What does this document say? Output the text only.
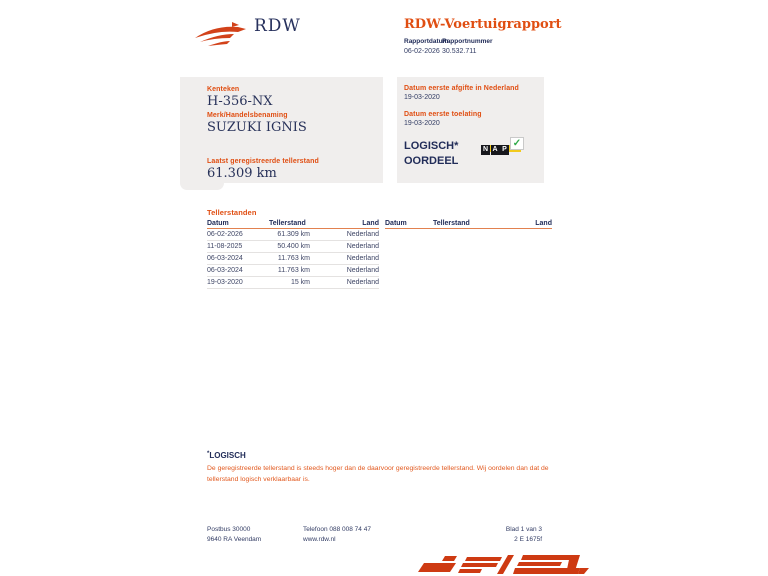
RDW	RDW-Voertuigrapport
Rapportdatum
Rapportnummer
06-02-2026 30.532.711
Kenteken
H-356-NX
Merk/Handelsbenaming
SUZUKI IGNIS
Laatst geregistreerde tellerstand
61.309 km
Datum eerste afgifte in Nederland
19-03-2020
Datum eerste toelating
19-03-2020
LOGISCH*
OORDEEL
N A P
✓
Tellerstanden
Datum	Tellerstand	Land
06-02-2026	61.309 km	Nederland
11-08-2025	50.400 km	Nederland
06-03-2024	11.763 km	Nederland
06-03-2024	11.763 km	Nederland
19-03-2020	15 km	Nederland
Datum	Tellerstand	Land
*LOGISCH
De geregistreerde tellerstand is steeds hoger dan de daarvoor geregistreerde tellerstand. Wij oordelen dan dat de tellerstand logisch verklaarbaar is.
Postbus 30000
9640 RA Veendam
Telefoon 088 008 74 47
www.rdw.nl
Blad 1 van 3
2 E 1675f
